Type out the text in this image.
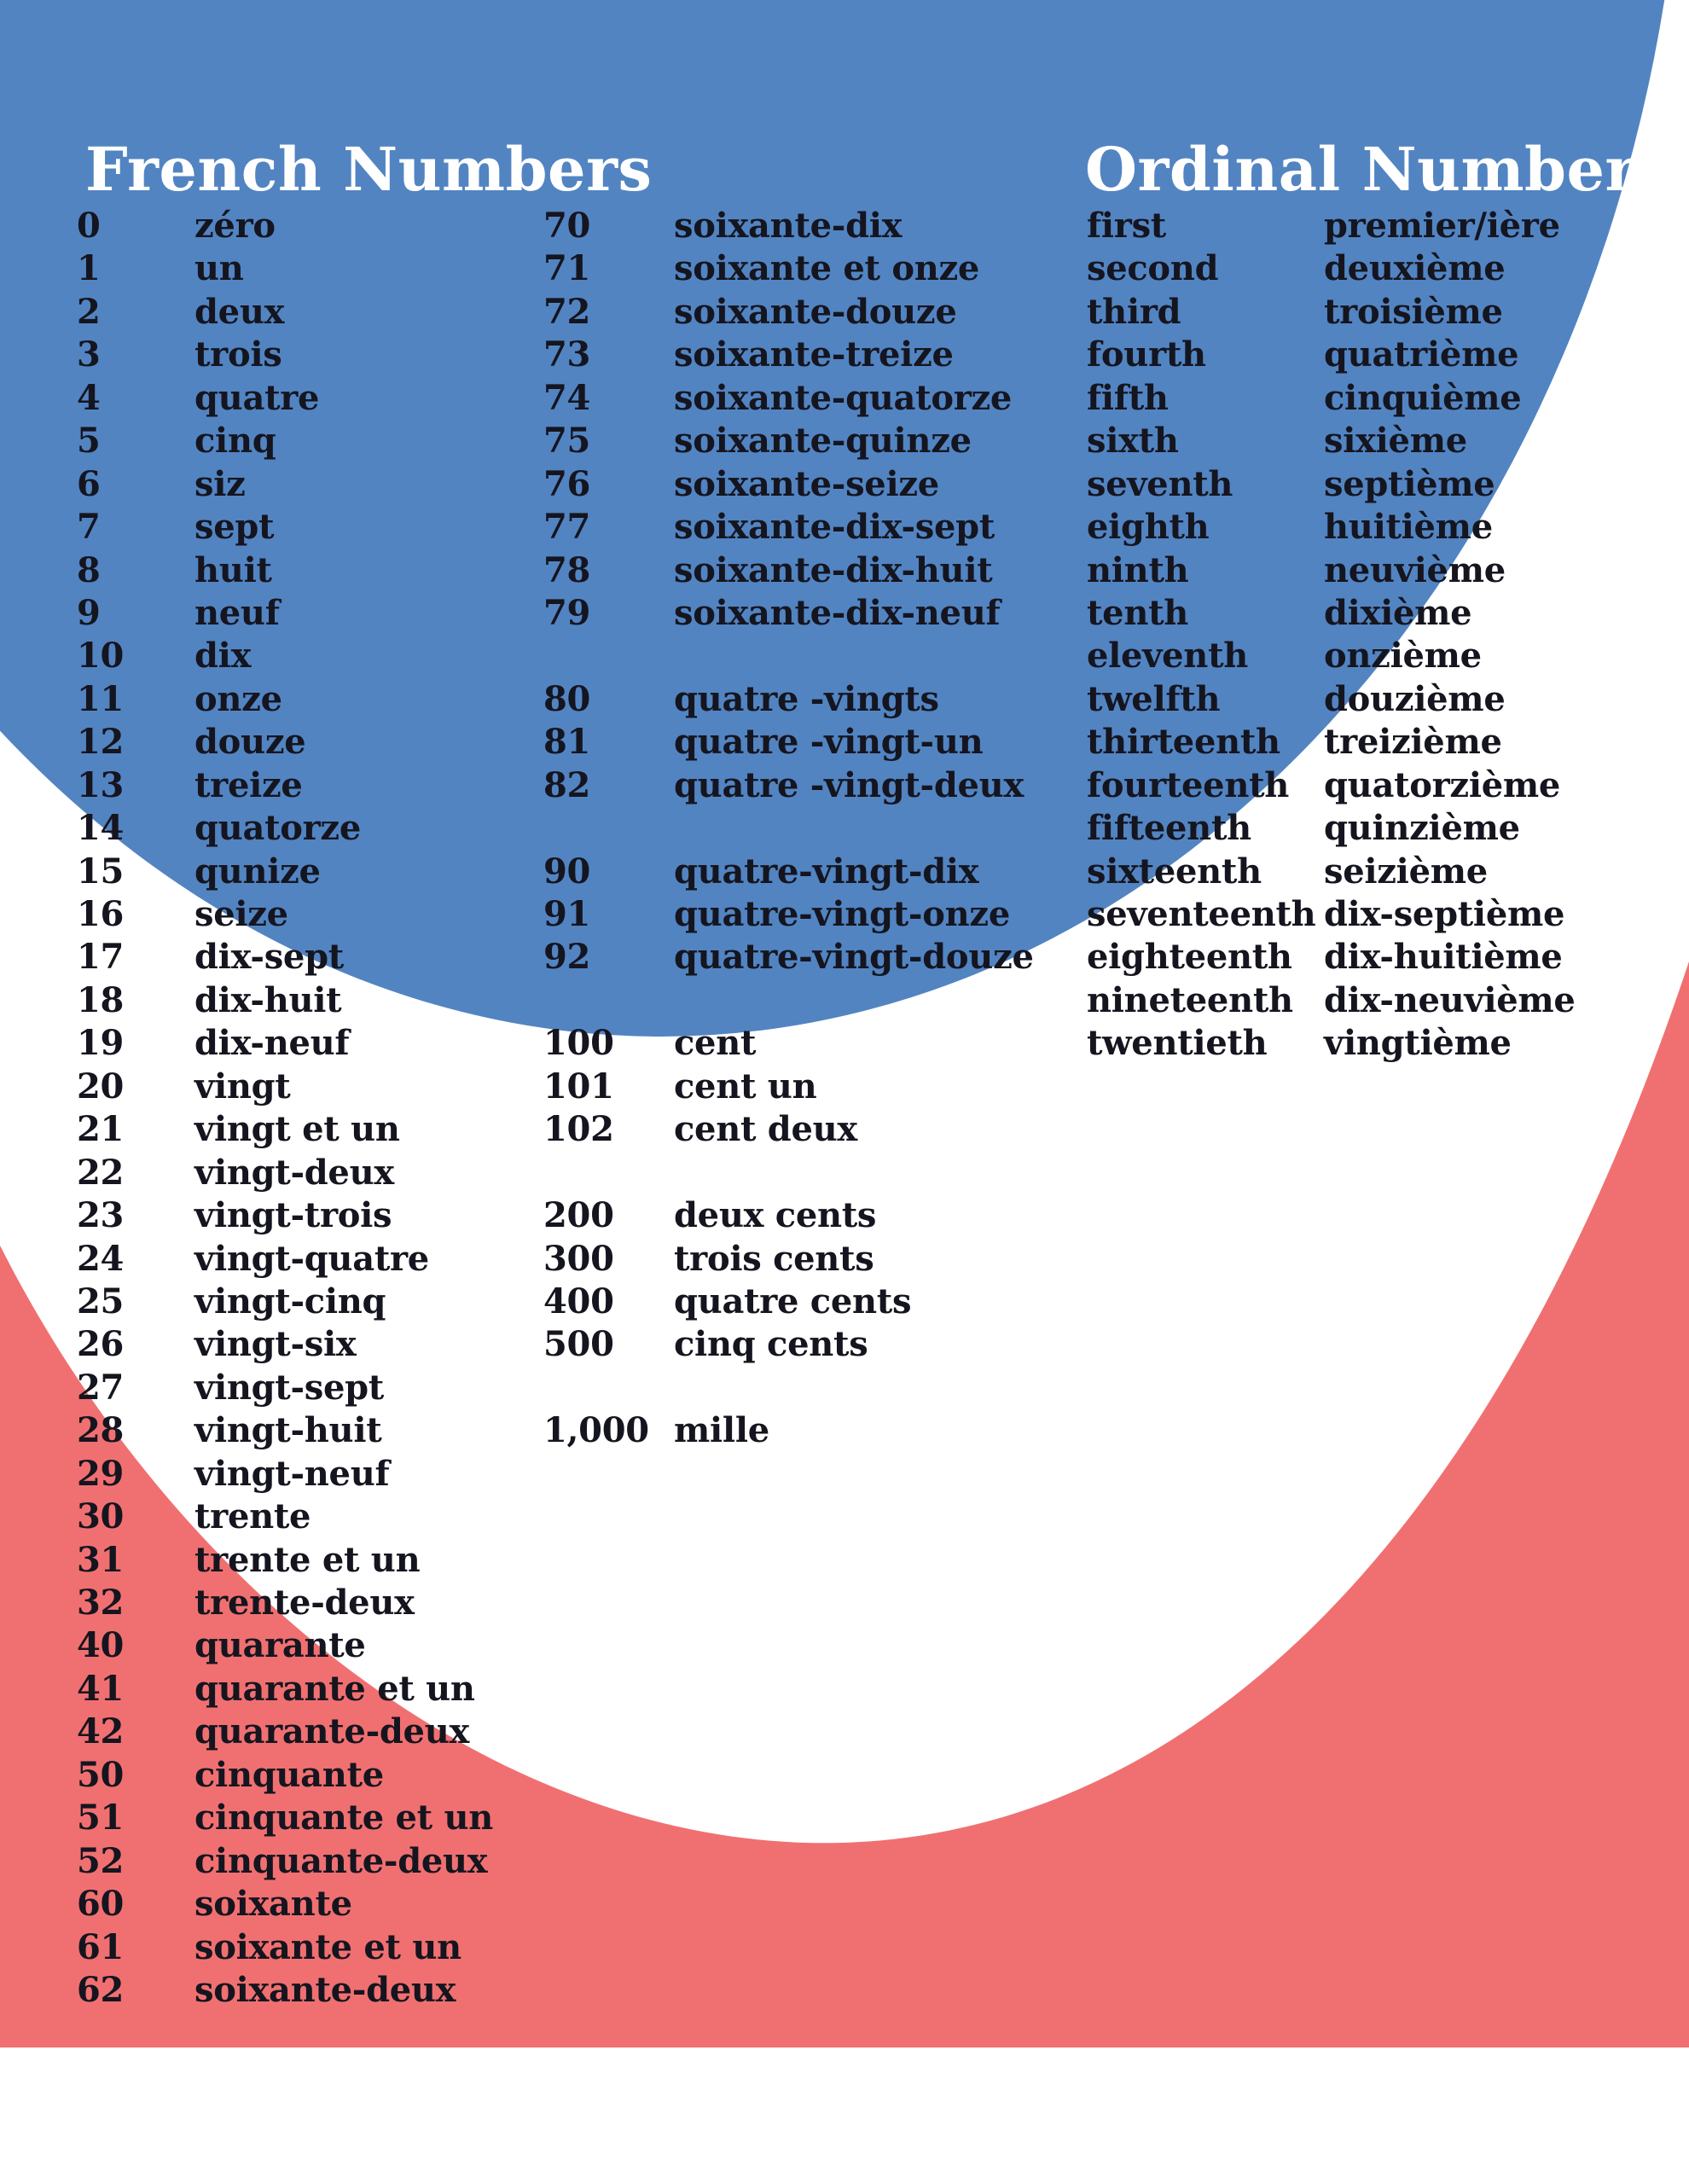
French Numbers	Ordinal Numbers
0	zéro
1	un
2	deux
3	trois
4	quatre
5	cinq
6	siz
7	sept
8	huit
9	neuf
10	dix
11	onze
12	douze
13	treize
14	quatorze
15	qunize
16	seize
17	dix-sept
18	dix-huit
19	dix-neuf
20	vingt
21	vingt et un
22	vingt-deux
23	vingt-trois
24	vingt-quatre
25	vingt-cinq
26	vingt-six
27	vingt-sept
28	vingt-huit
29	vingt-neuf
30	trente
31	trente et un
32	trente-deux
40	quarante
41	quarante et un
42	quarante-deux
50	cinquante
51	cinquante et un
52	cinquante-deux
60	soixante
61	soixante et un
62	soixante-deux
70	soixante-dix
71	soixante et onze
72	soixante-douze
73	soixante-treize
74	soixante-quatorze
75	soixante-quinze
76	soixante-seize
77	soixante-dix-sept
78	soixante-dix-huit
79	soixante-dix-neuf
80	quatre -vingts
81	quatre -vingt-un
82	quatre -vingt-deux
90	quatre-vingt-dix
91	quatre-vingt-onze
92	quatre-vingt-douze
100	cent
101	cent un
102	cent deux
200	deux cents
300	trois cents
400	quatre cents
500	cinq cents
1,000 mille
first	premier/ière
second	deuxième
third	troisième
fourth	quatrième
fifth	cinquième
sixth	sixième
seventh	septième
eighth	huitième
ninth	neuvième
tenth	dixième
eleventh	onzième
twelfth	douzième
thirteenth	treizième
fourteenth	quatorzième
fifteenth	quinzième
sixteenth	seizième
seventeenth dix-septième
eighteenth dix-huitième
nineteenth dix-neuvième
twentieth	vingtième
